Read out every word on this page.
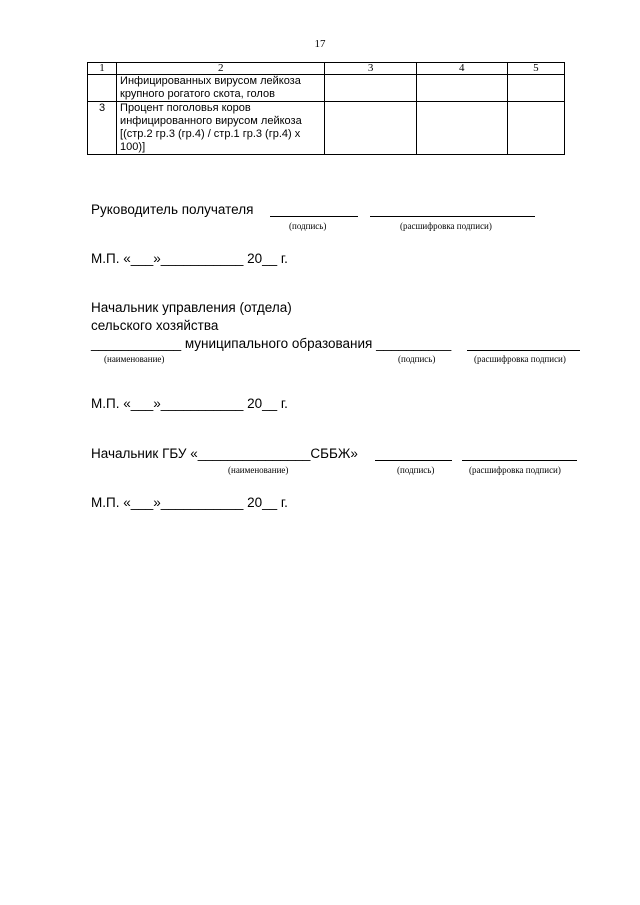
17
1	2	3	4	5
	Инфицированных вирусом лейкоза крупного рогатого скота, голов			
3	Процент поголовья коров инфицированного вирусом лейкоза [(стр.2 гр.3 (гр.4) / стр.1 гр.3 (гр.4) х 100)]			
Руководитель получателя
(подпись)	(расшифровка подписи)
М.П. «___»___________ 20__ г.
Начальник управления (отдела)
сельского хозяйства
____________ муниципального образования __________
(наименование)	(подпись)	(расшифровка подписи)
М.П. «___»___________ 20__ г.
Начальник ГБУ «_______________СББЖ»
(наименование)	(подпись)	(расшифровка подписи)
М.П. «___»___________ 20__ г.
